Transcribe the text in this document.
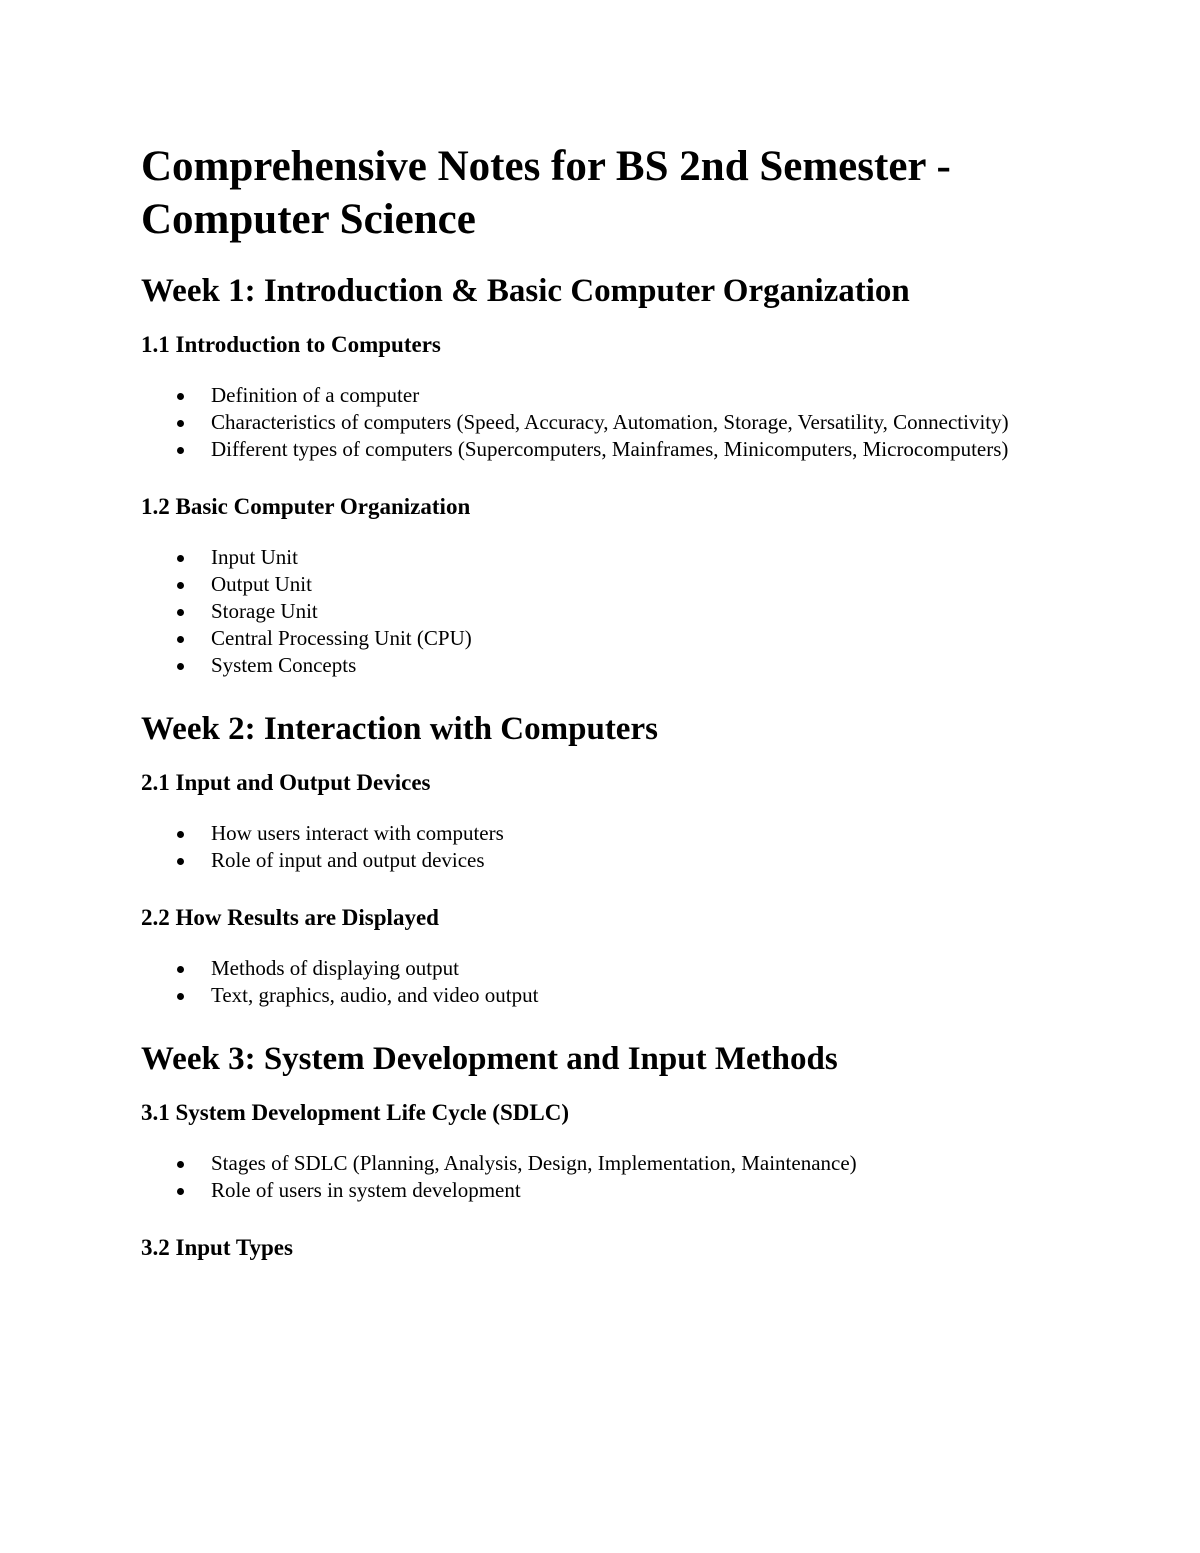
Comprehensive Notes for BS 2nd Semester - Computer Science
Week 1: Introduction & Basic Computer Organization
1.1 Introduction to Computers
Definition of a computer
Characteristics of computers (Speed, Accuracy, Automation, Storage, Versatility, Connectivity)
Different types of computers (Supercomputers, Mainframes, Minicomputers, Microcomputers)
1.2 Basic Computer Organization
Input Unit
Output Unit
Storage Unit
Central Processing Unit (CPU)
System Concepts
Week 2: Interaction with Computers
2.1 Input and Output Devices
How users interact with computers
Role of input and output devices
2.2 How Results are Displayed
Methods of displaying output
Text, graphics, audio, and video output
Week 3: System Development and Input Methods
3.1 System Development Life Cycle (SDLC)
Stages of SDLC (Planning, Analysis, Design, Implementation, Maintenance)
Role of users in system development
3.2 Input Types
